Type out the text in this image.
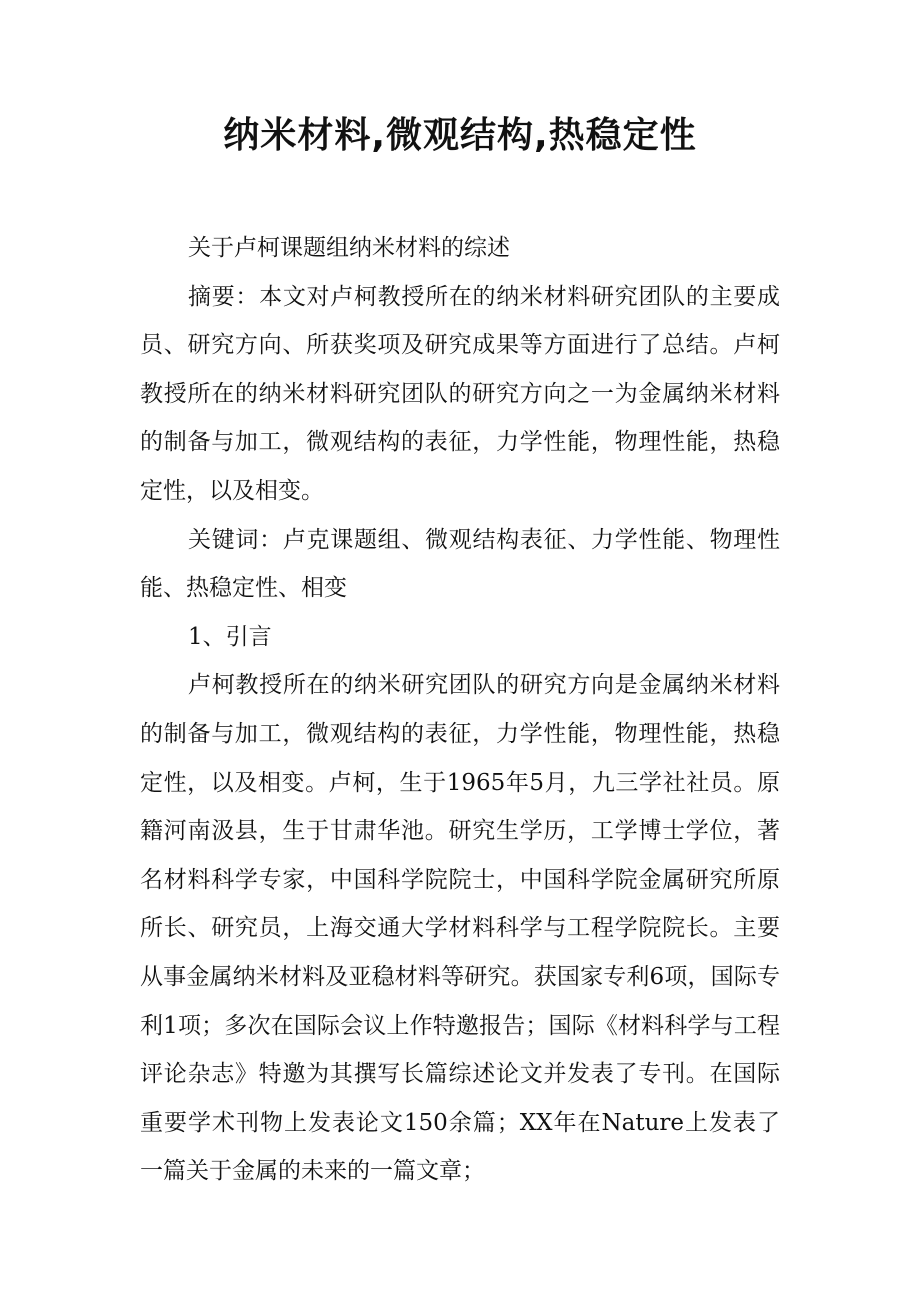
纳米材料,微观结构,热稳定性

关于卢柯课题组纳米材料的综述

摘要：本文对卢柯教授所在的纳米材料研究团队的主要成员、研究方向、所获奖项及研究成果等方面进行了总结。卢柯教授所在的纳米材料研究团队的研究方向之一为金属纳米材料的制备与加工，微观结构的表征，力学性能，物理性能，热稳定性，以及相变。

关键词：卢克课题组、微观结构表征、力学性能、物理性能、热稳定性、相变

1、引言

卢柯教授所在的纳米研究团队的研究方向是金属纳米材料的制备与加工，微观结构的表征，力学性能，物理性能，热稳定性，以及相变。卢柯，生于1965年5月，九三学社社员。原籍河南汲县，生于甘肃华池。研究生学历，工学博士学位，著名材料科学专家，中国科学院院士，中国科学院金属研究所原所长、研究员，上海交通大学材料科学与工程学院院长。主要从事金属纳米材料及亚稳材料等研究。获国家专利6项，国际专利1项；多次在国际会议上作特邀报告；国际《材料科学与工程评论杂志》特邀为其撰写长篇综述论文并发表了专刊。在国际重要学术刊物上发表论文150余篇；XX年在Nature上发表了一篇关于金属的未来的一篇文章；
